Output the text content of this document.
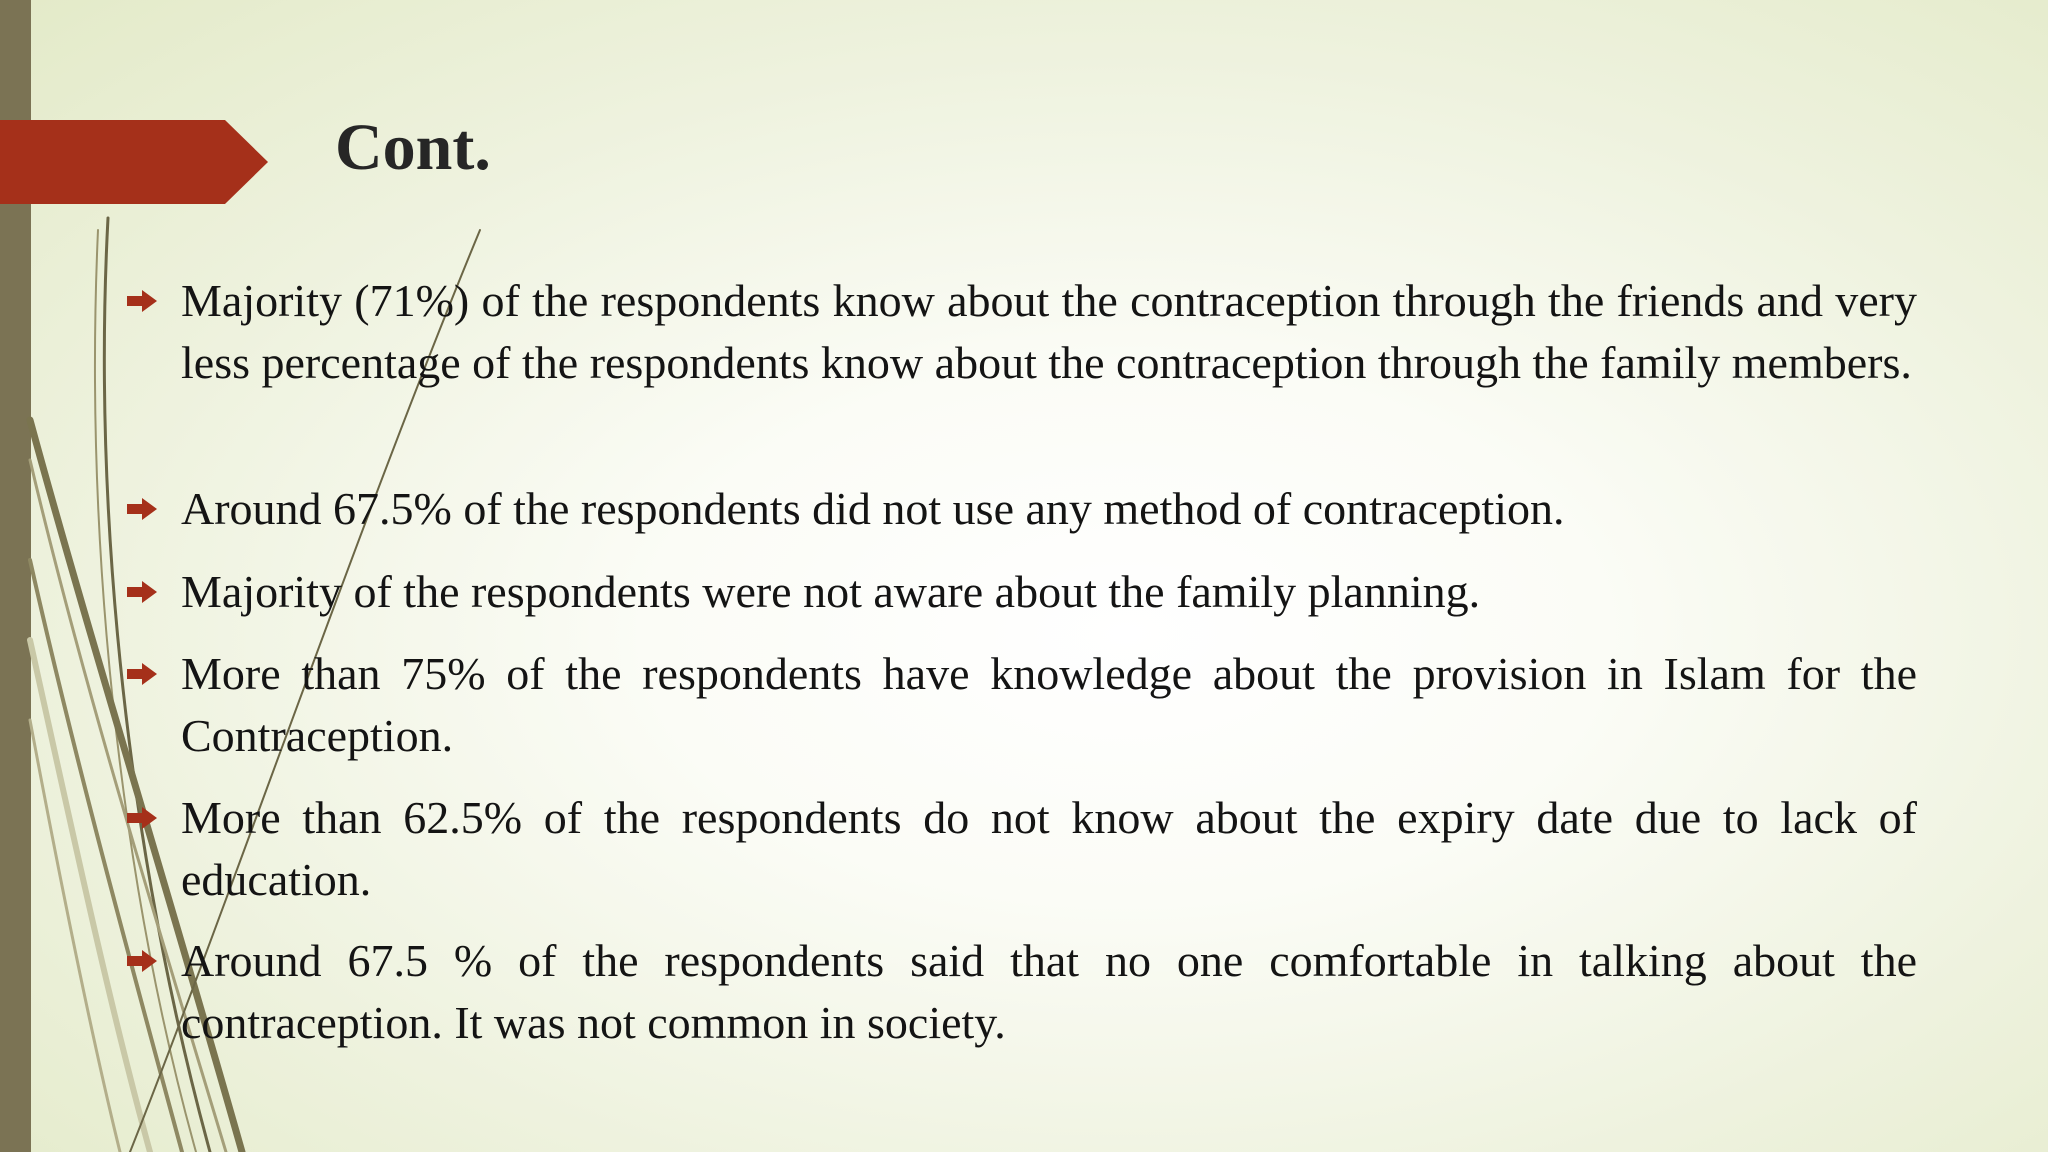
Cont.
Majority (71%) of the respondents know about the contraception through the friends and very less percentage of the respondents know about the contraception through the family members.
Around 67.5% of the respondents did not use any method of contraception.
Majority of the respondents were not aware about the family planning.
More than 75% of the respondents have knowledge about the provision in Islam for the Contraception.
More than 62.5% of the respondents do not know about the expiry date due to lack of education.
Around 67.5 % of the respondents said that no one comfortable in talking about the contraception. It was not common in society.
